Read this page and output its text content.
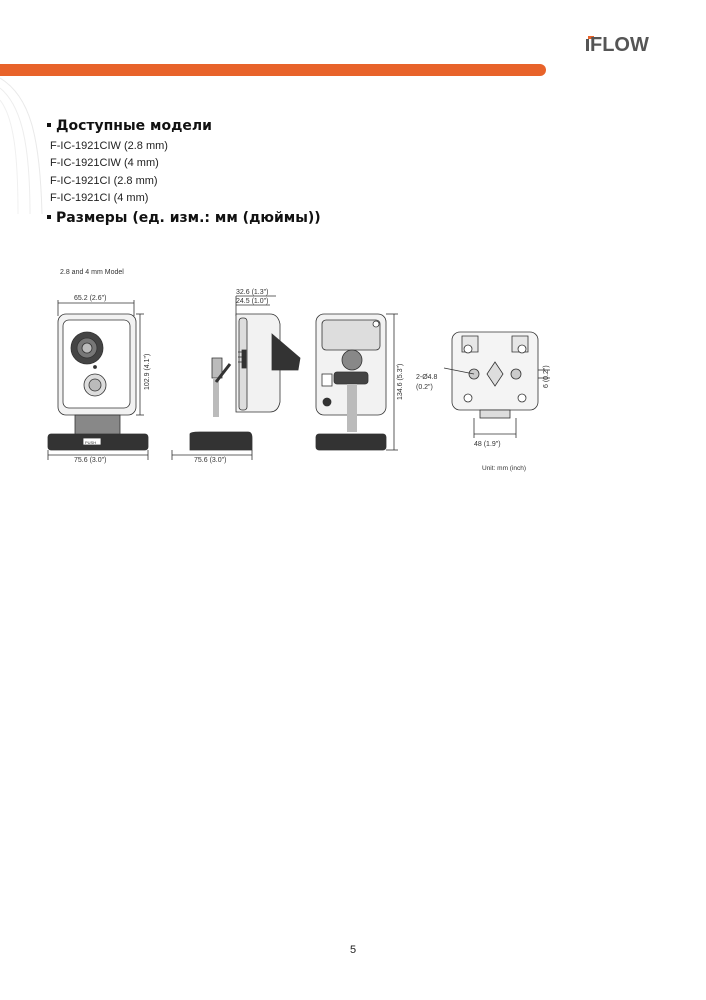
FLOW
Доступные модели
F-IC-1921CIW (2.8 mm)
F-IC-1921CIW (4 mm)
F-IC-1921CI (2.8 mm)
F-IC-1921CI (4 mm)
Размеры (ед. изм.: мм (дюймы))
2.8 and 4 mm Model
65.2 (2.6")
102.9 (4.1")
PUSH
75.6 (3.0")
32.6 (1.3")
24.5 (1.0")
75.6 (3.0")
134.6 (5.3") 2-Ø4.8
(0.2")	6 (0.2")
48 (1.9")
Unit: mm (inch)
5
